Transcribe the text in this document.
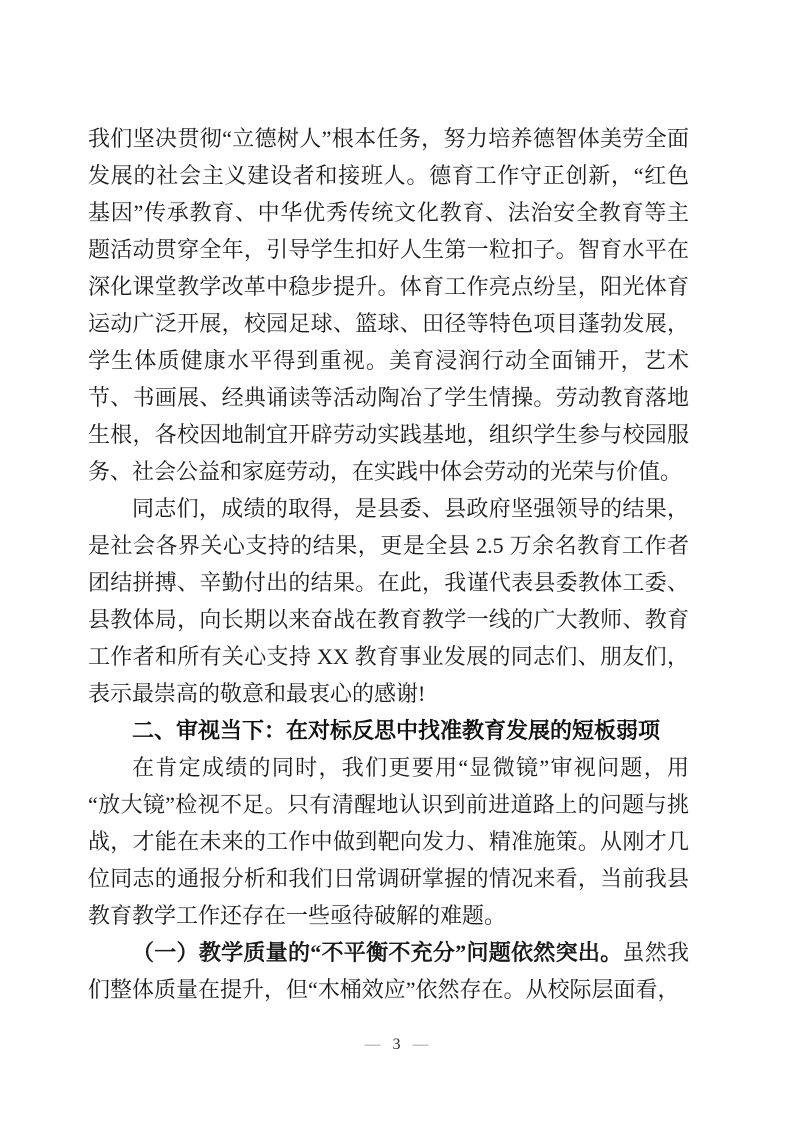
我们坚决贯彻“立德树人”根本任务，努力培养德智体美劳全面发展的社会主义建设者和接班人。德育工作守正创新，“红色基因”传承教育、中华优秀传统文化教育、法治安全教育等主题活动贯穿全年，引导学生扣好人生第一粒扣子。智育水平在深化课堂教学改革中稳步提升。体育工作亮点纷呈，阳光体育运动广泛开展，校园足球、篮球、田径等特色项目蓬勃发展，学生体质健康水平得到重视。美育浸润行动全面铺开，艺术节、书画展、经典诵读等活动陶冶了学生情操。劳动教育落地生根，各校因地制宜开辟劳动实践基地，组织学生参与校园服务、社会公益和家庭劳动，在实践中体会劳动的光荣与价值。

同志们，成绩的取得，是县委、县政府坚强领导的结果，是社会各界关心支持的结果，更是全县 2.5 万余名教育工作者团结拼搏、辛勤付出的结果。在此，我谨代表县委教体工委、县教体局，向长期以来奋战在教育教学一线的广大教师、教育工作者和所有关心支持 XX 教育事业发展的同志们、朋友们，表示最崇高的敬意和最衷心的感谢!

二、审视当下：在对标反思中找准教育发展的短板弱项

在肯定成绩的同时，我们更要用“显微镜”审视问题，用“放大镜”检视不足。只有清醒地认识到前进道路上的问题与挑战，才能在未来的工作中做到靶向发力、精准施策。从刚才几位同志的通报分析和我们日常调研掌握的情况来看，当前我县教育教学工作还存在一些亟待破解的难题。

（一）教学质量的“不平衡不充分”问题依然突出。虽然我们整体质量在提升，但“木桶效应”依然存在。从校际层面看，

— 3 —
